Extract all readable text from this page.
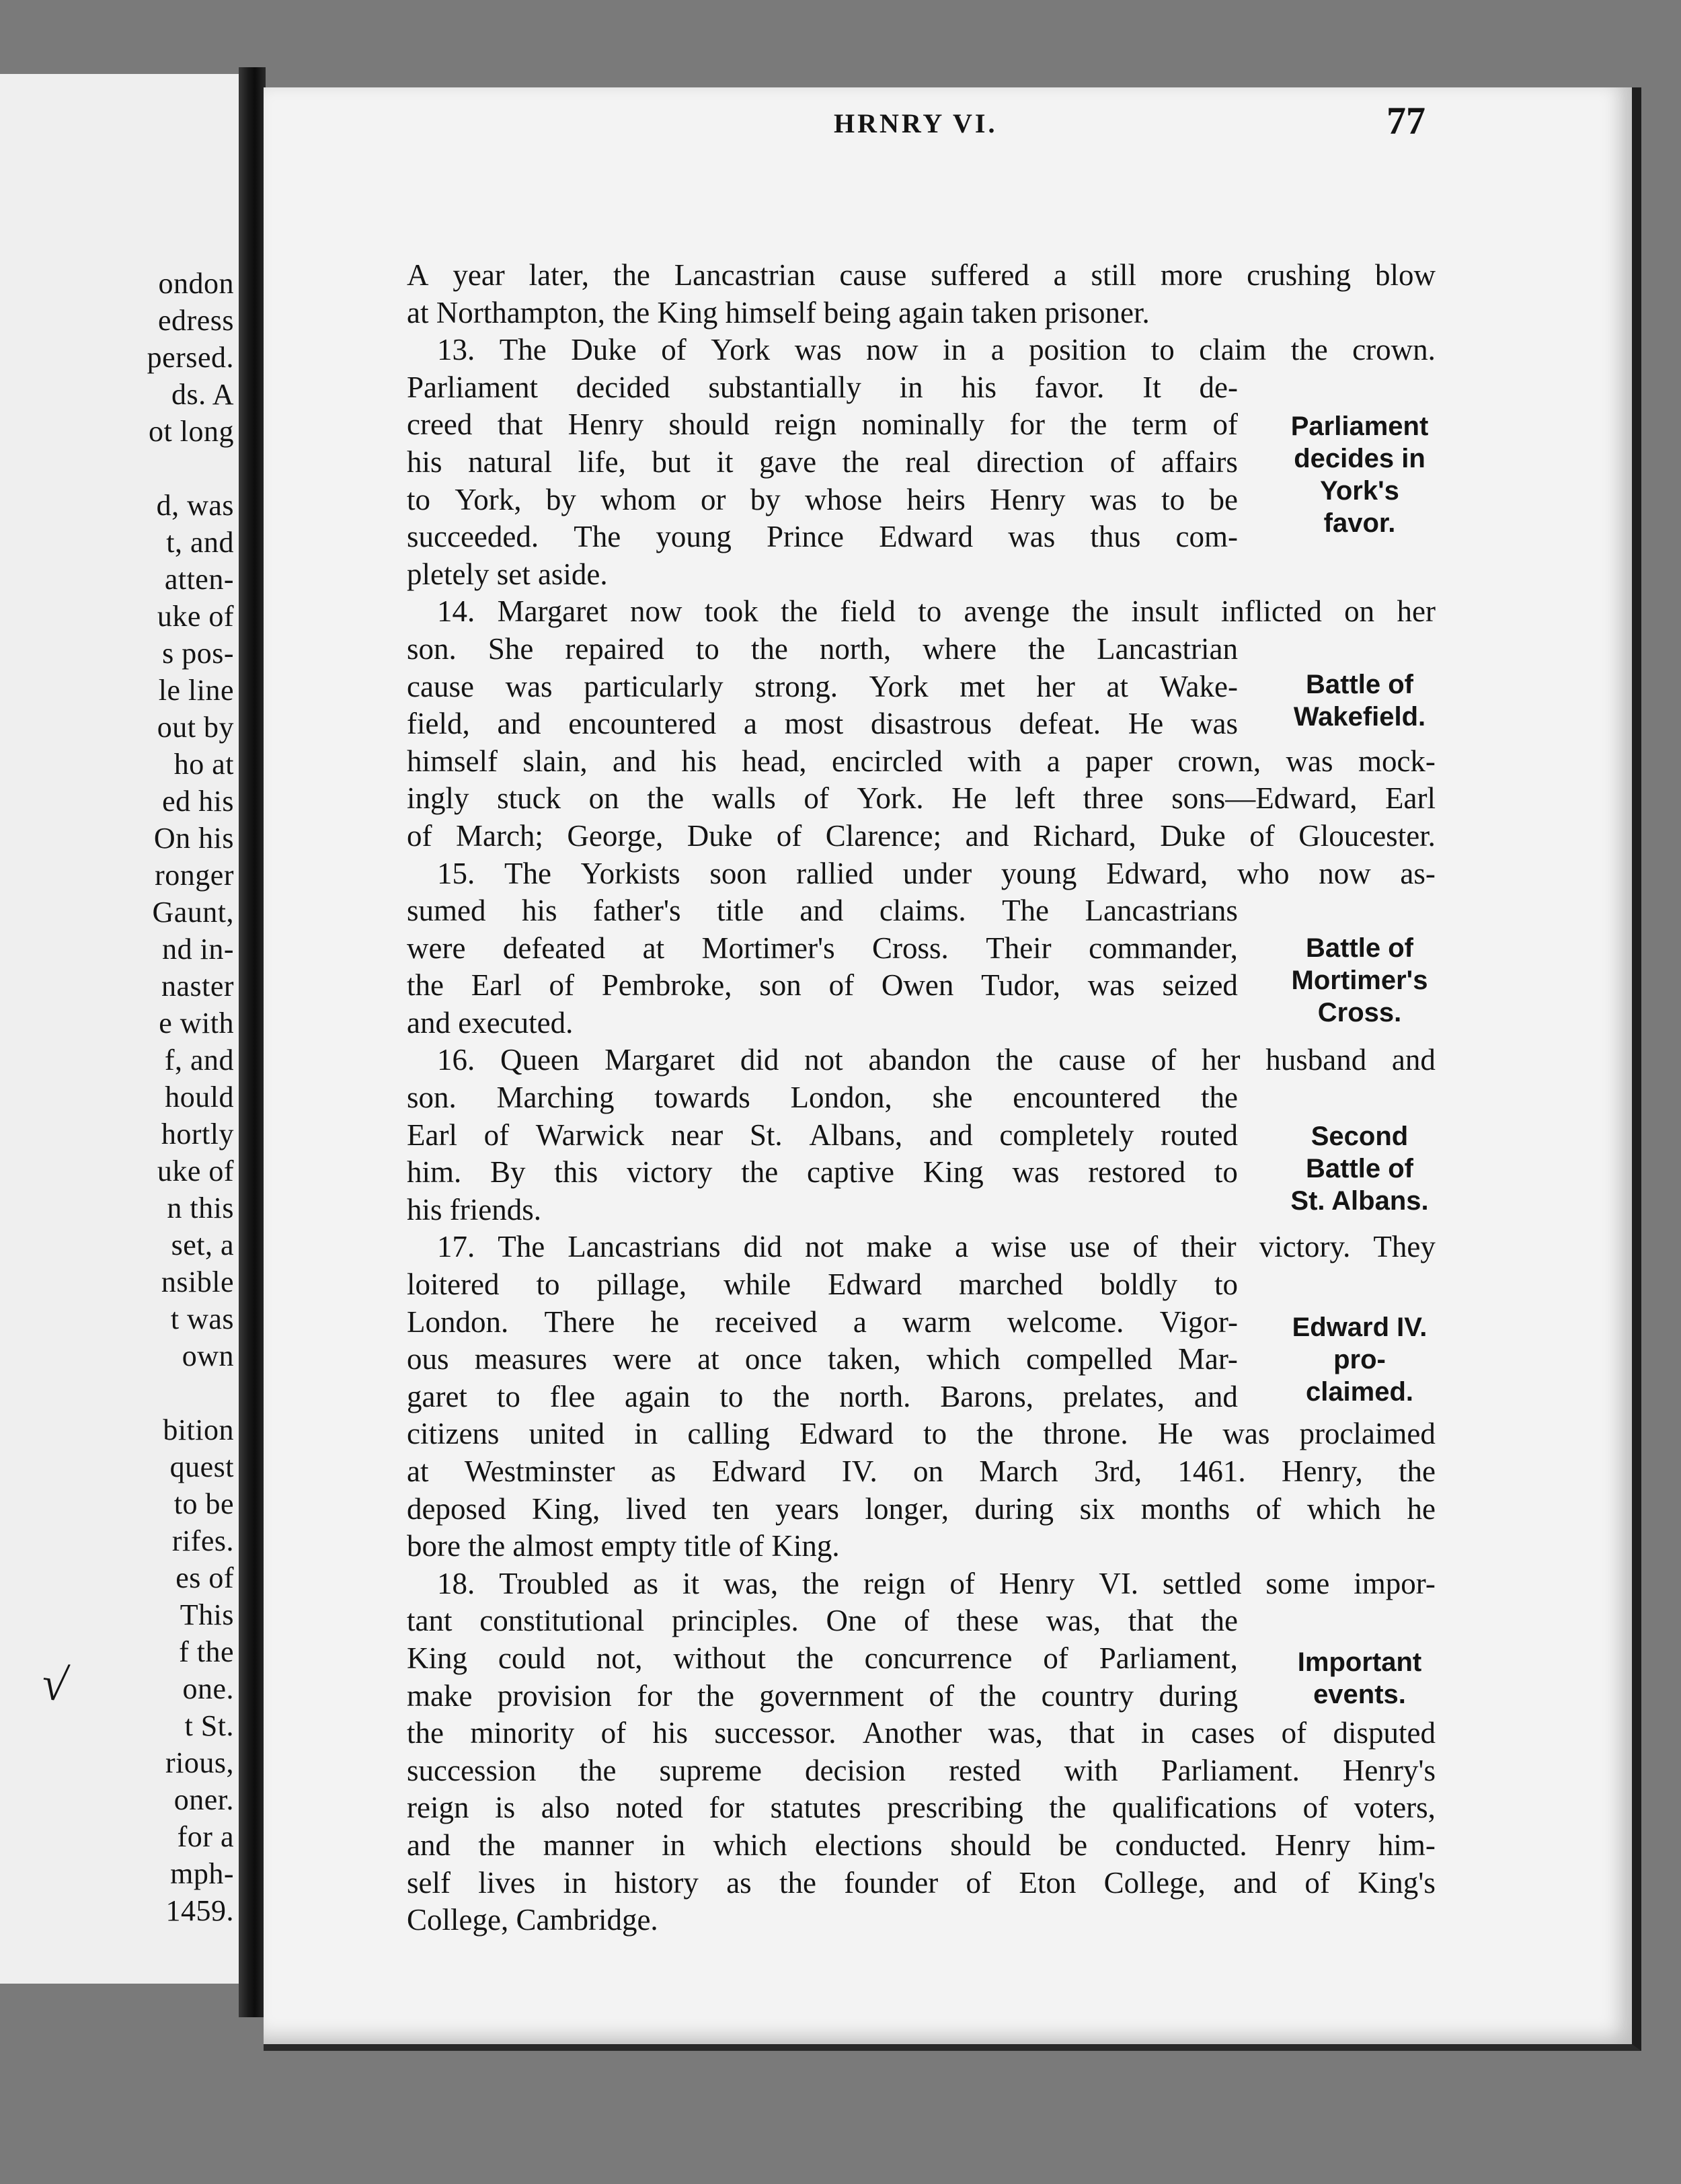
ondon
edress
persed.
ds. A
ot long
d, was
t, and
atten-
uke of
s pos-
le line
out by
ho at
ed his
On his
ronger
Gaunt,
nd in-
naster
e with
f, and
hould
hortly
uke of
n this
set, a
nsible
t was
own
bition
quest
to be
rifes.
es of
This
f the
one.
t St.
rious,
oner.
for a
mph-
1459.
HRNRY VI.	77
A year later, the Lancastrian cause suffered a still more crushing blow
at Northampton, the King himself being again taken prisoner.
13. The Duke of York was now in a position to claim the crown.
Parliament decided substantially in his favor. It de-
creed that Henry should reign nominally for the term of
his natural life, but it gave the real direction of affairs
to York, by whom or by whose heirs Henry was to be
succeeded. The young Prince Edward was thus com-
pletely set aside.
14. Margaret now took the field to avenge the insult inflicted on her
son. She repaired to the north, where the Lancastrian
cause was particularly strong. York met her at Wake-
field, and encountered a most disastrous defeat. He was
himself slain, and his head, encircled with a paper crown, was mock-
ingly stuck on the walls of York. He left three sons—Edward, Earl
of March; George, Duke of Clarence; and Richard, Duke of Gloucester.
15. The Yorkists soon rallied under young Edward, who now as-
sumed his father's title and claims. The Lancastrians
were defeated at Mortimer's Cross. Their commander,
the Earl of Pembroke, son of Owen Tudor, was seized
and executed.
16. Queen Margaret did not abandon the cause of her husband and
son. Marching towards London, she encountered the
Earl of Warwick near St. Albans, and completely routed
him. By this victory the captive King was restored to
his friends.
17. The Lancastrians did not make a wise use of their victory. They
loitered to pillage, while Edward marched boldly to
London. There he received a warm welcome. Vigor-
ous measures were at once taken, which compelled Mar-
garet to flee again to the north. Barons, prelates, and
citizens united in calling Edward to the throne. He was proclaimed
at Westminster as Edward IV. on March 3rd, 1461. Henry, the
deposed King, lived ten years longer, during six months of which he
bore the almost empty title of King.
18. Troubled as it was, the reign of Henry VI. settled some impor-
tant constitutional principles. One of these was, that the
King could not, without the concurrence of Parliament,
make provision for the government of the country during
the minority of his successor. Another was, that in cases of disputed
succession the supreme decision rested with Parliament. Henry's
reign is also noted for statutes prescribing the qualifications of voters,
and the manner in which elections should be conducted. Henry him-
self lives in history as the founder of Eton College, and of King's
College, Cambridge.
Parliament
decides in
York's
favor.
Battle of
Wakefield.
Battle of
Mortimer's
Cross.
Second
Battle of
St. Albans.
Edward IV.
pro-
claimed.
Important
events.
√
